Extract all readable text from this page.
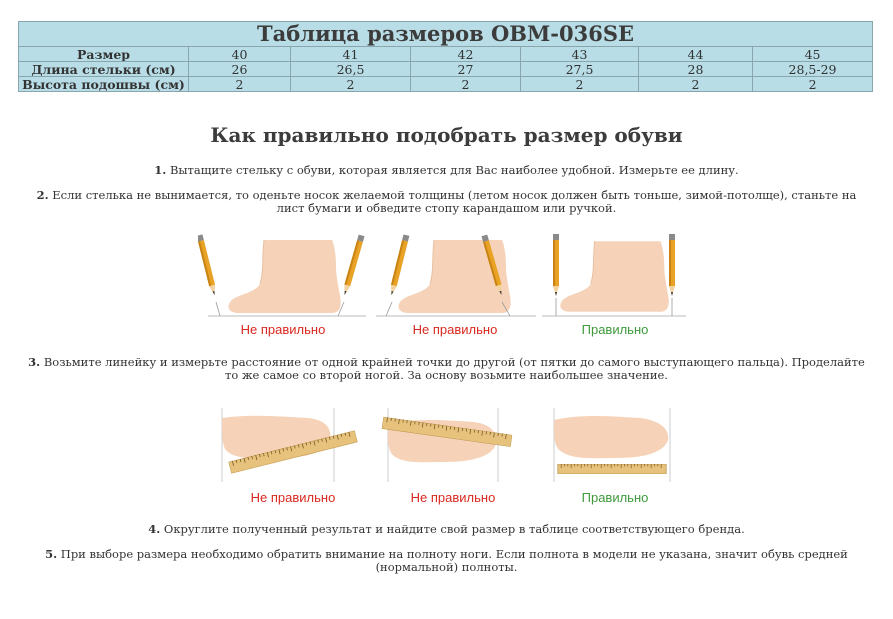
Таблица размеров OBM-036SE						
Размер	40	41	42	43	44	45
Длина стельки (см)	26	26,5	27	27,5	28	28,5-29
Высота подошвы (см)	2	2	2	2	2	2
Как правильно подобрать размер обуви

1. Вытащите стельку с обуви, которая является для Вас наиболее удобной. Измерьте ее длину.

2. Если стелька не вынимается, то оденьте носок желаемой толщины (летом носок должен быть тоньше, зимой-потолще), станьте на лист бумаги и обведите стопу карандашом или ручкой.

Не правильно	Не правильно	Правильно

3. Возьмите линейку и измерьте расстояние от одной крайней точки до другой (от пятки до самого выступающего пальца). Проделайте то же самое со второй ногой. За основу возьмите наибольшее значение.

Не правильно	Не правильно	Правильно

4. Округлите полученный результат и найдите свой размер в таблице соответствующего бренда.

5. При выборе размера необходимо обратить внимание на полноту ноги. Если полнота в модели не указана, значит обувь средней (нормальной) полноты.
